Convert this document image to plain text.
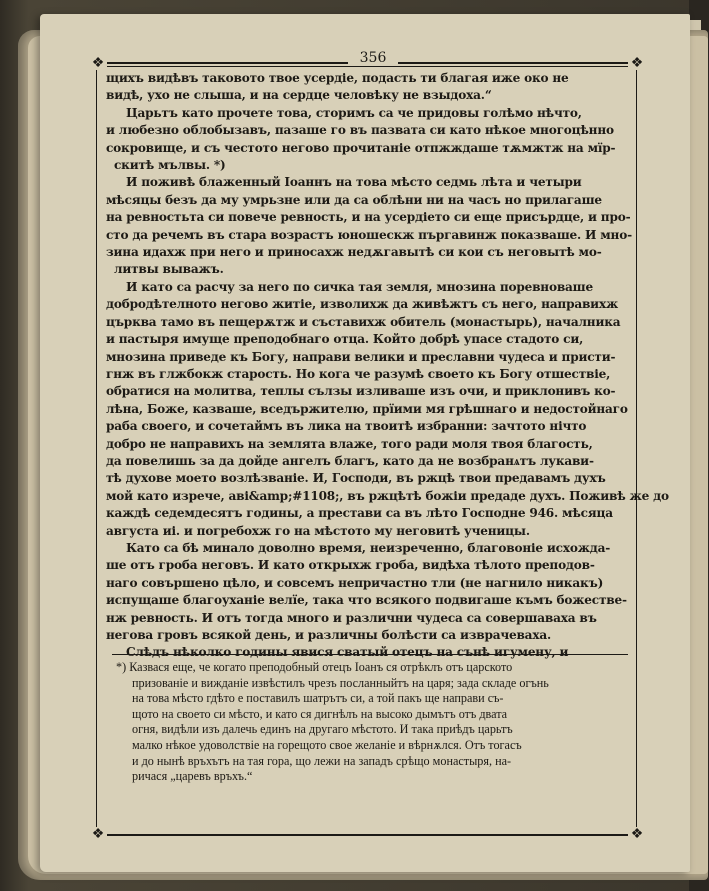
❖	❖
❖	❖
356
щихъ видѣвъ таковото твое усердіе, подасть ти благая иже око не
видѣ, ухо не слыша, и на сердце человѣку не взыдоха.“
Царьтъ като прочете това, сторимъ са че придовы голѣмо нѣчто,
и любезно облобызавъ, пазаше го въ пазвата си като нѣкое многоцѣнно
сокровище, и съ честото негово прочитаніе отпжждаше тѫмжтж на мїр-
скитѣ мълвы. *)
И поживѣ блаженный Іоаннъ на това мѣсто седмь лѣта и четыри
мѣсяцы безъ да му умрьзне или да са облѣни ни на часъ но прилагаше
на ревностьта си повече ревность, и на усердіето си еще присърдце, и про-
сто да речемъ въ стара возрастъ юношескж пъргавинж показваше. И мно-
зина идахж при него и приносахж недѫгавытѣ си кои съ неговытѣ мо-
литвы выважъ.
И като са расчу за него по сичка тая земля, мнозина поревноваше
добродѣтелното негово житіе, изволихж да живѣжтъ съ него, направихж
църква тамо въ пещерѫтж и съставихж обитель (монастырь), началника
и пастыря имуще преподобнаго отца. Който добрѣ упасе стадото си,
мнозина приведе къ Богу, направи велики и преславни чудеса и присти-
гнж въ глжбокж старость. Но кога че разумѣ своето къ Богу отшествіе,
обратися на молитва, теплы сълзы изливаше изъ очи, и приклонивъ ко-
лѣна, Боже, казваше, вседържителю, прїими мя грѣшнаго и недостойнаго
раба своего, и сочетаймъ въ лика на твоитѣ избранни: зачтото нічто
добро не направихъ на землята влаже, того ради моля твоя благость,
да повелишь за да дойде ангелъ благъ, като да не возбранѧтъ лукави-
тѣ духове моето возлѣзваніе. И, Господи, въ ржцѣ твои предавамъ духъ
мой като изрече, аві&amp;#1108;, въ ржцѣтѣ божіи предаде духъ. Поживѣ же до
каждѣ седемдесятъ годины, а престави са въ лѣто Господне 946. мѣсяца
августа иі. и погребохж го на мѣстото му неговитѣ ученицы.
Като са бѣ минало доволно время, неизреченно, благовоніе исхождa-
ше отъ гроба неговъ. И като открыхж гроба, видѣха тѣлото преподов-
наго совършено цѣло, и совсемъ непричастно тли (не нагнило никакъ)
испущаше благоуханіе велїе, така что всякого подвигаше къмъ божествe-
нж ревность. И отъ тогда много и различни чудеса са совершаваха въ
негова гровъ всякой день, и различны болѣсти са изврачеваха.
Слѣдъ нѣколко годины явися сватый отецъ на сънѣ игумену, и
*) Казвася еще, че когато преподобный отецъ Іоанъ ся отрѣклъ отъ царското
призованіе и вижданіе извѣстилъ чрезъ посланныйтъ на царя; зада складе огънь
на това мѣсто гдѣто е поставилъ шатрътъ си, а той пакъ ще направи съ-
щото на своето си мѣсто, и като ся дигнѣлъ на высоко дымътъ отъ двата
огня, видѣли изъ далечь единъ на другаго мѣстото. И така приѣдъ царьтъ
малко нѣкое удоволствіе на горещото свое желаніе и вѣрнѫлся. Отъ тогасъ
и до нынѣ връхътъ на тая гора, що лежи на западъ срѣщо монастыря, на-
ричася „царевъ връхъ.“
